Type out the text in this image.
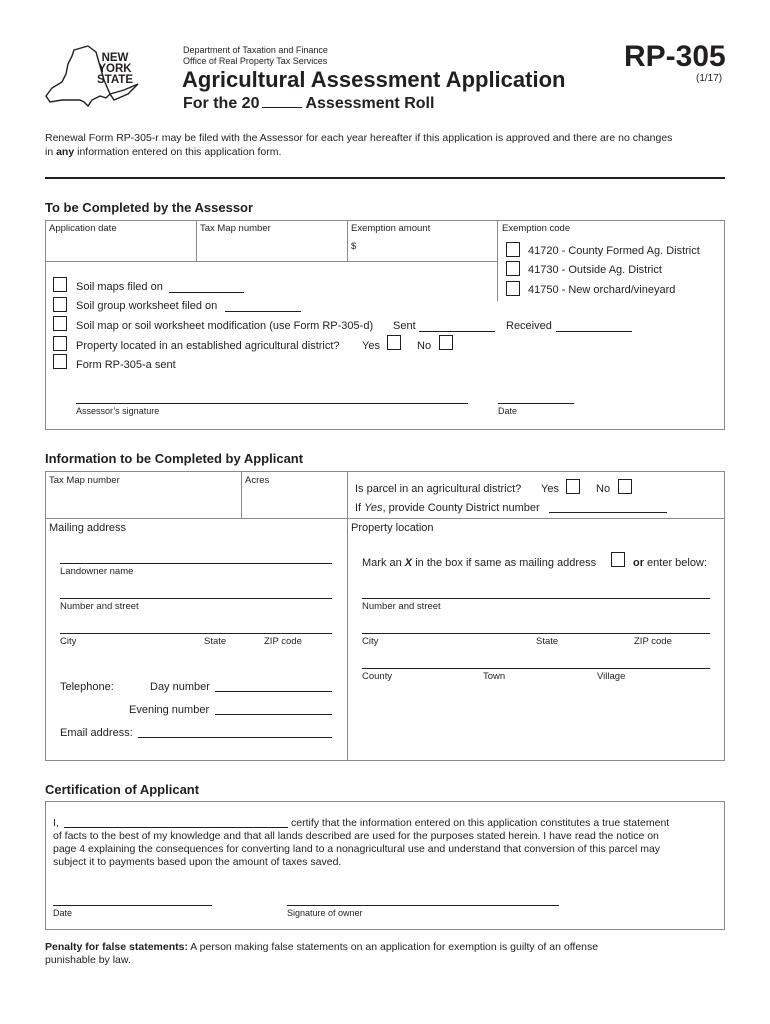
NEW
YORK
STATE
Department of Taxation and Finance
Office of Real Property Tax Services
Agricultural Assessment Application
For the 20	Assessment Roll
RP-305
(1/17)
Renewal Form RP-305-r may be filed with the Assessor for each year hereafter if this application is approved and there are no changes
in any information entered on this application form.
To be Completed by the Assessor
Application date	Tax Map number	Exemption amount
$
Exemption code
41720 - County Formed Ag. District
41730 - Outside Ag. District
41750 - New orchard/vineyard
Soil maps filed on
Soil group worksheet filed on
Soil map or soil worksheet modification (use Form RP-305-d) Sent	Received
Property located in an established agricultural district? Yes	No
Form RP-305-a sent
Assessor’s signature	Date
Information to be Completed by Applicant
Tax Map number	Acres
Is parcel in an agricultural district? Yes	No
If Yes, provide County District number
Mailing address	Property location
Landowner name
Number and street
City	State	ZIP code
Telephone:	Day number
Evening number
Email address:
Mark an X in the box if same as mailing address	or enter below:
Number and street
City	State	ZIP code
County	Town	Village
Certification of Applicant
I,	certify that the information entered on this application constitutes a true statement
of facts to the best of my knowledge and that all lands described are used for the purposes stated herein. I have read the notice on
page 4 explaining the consequences for converting land to a nonagricultural use and understand that conversion of this parcel may
subject it to payments based upon the amount of taxes saved.
Date	Signature of owner
Penalty for false statements: A person making false statements on an application for exemption is guilty of an offense
punishable by law.
